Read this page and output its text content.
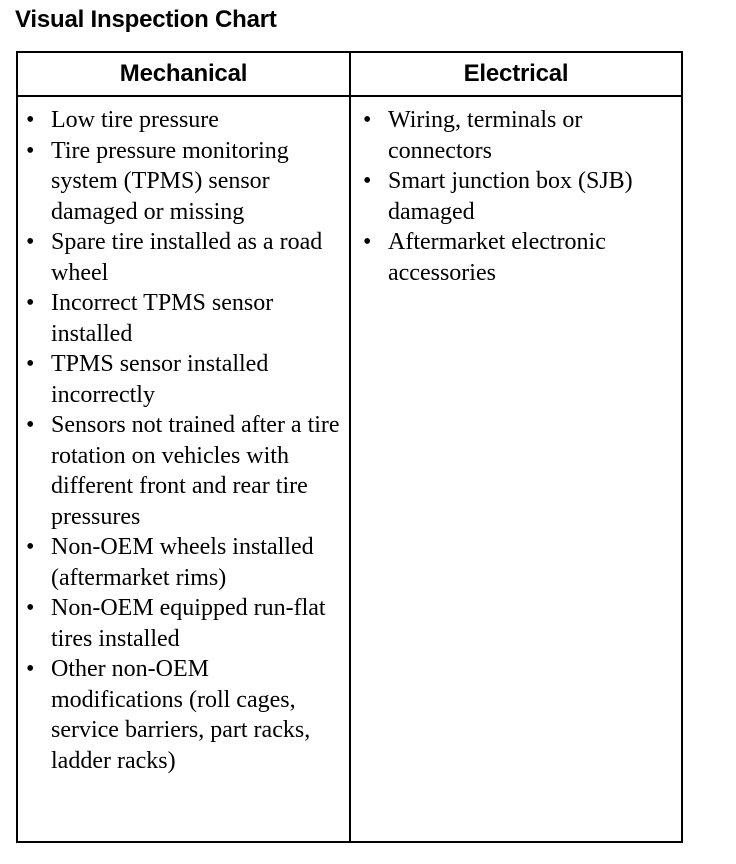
Visual Inspection Chart
Mechanical	Electrical
• Low tire pressure
• Tire pressure monitoring system (TPMS) sensor damaged or missing
• Spare tire installed as a road wheel
• Incorrect TPMS sensor installed
• TPMS sensor installed incorrectly
• Sensors not trained after a tire rotation on vehicles with different front and rear tire pressures
• Non-OEM wheels installed (aftermarket rims)
• Non-OEM equipped run-flat tires installed
• Other non-OEM modifications (roll cages, service barriers, part racks, ladder racks)
• Wiring, terminals or connectors
• Smart junction box (SJB) damaged
• Aftermarket electronic accessories
